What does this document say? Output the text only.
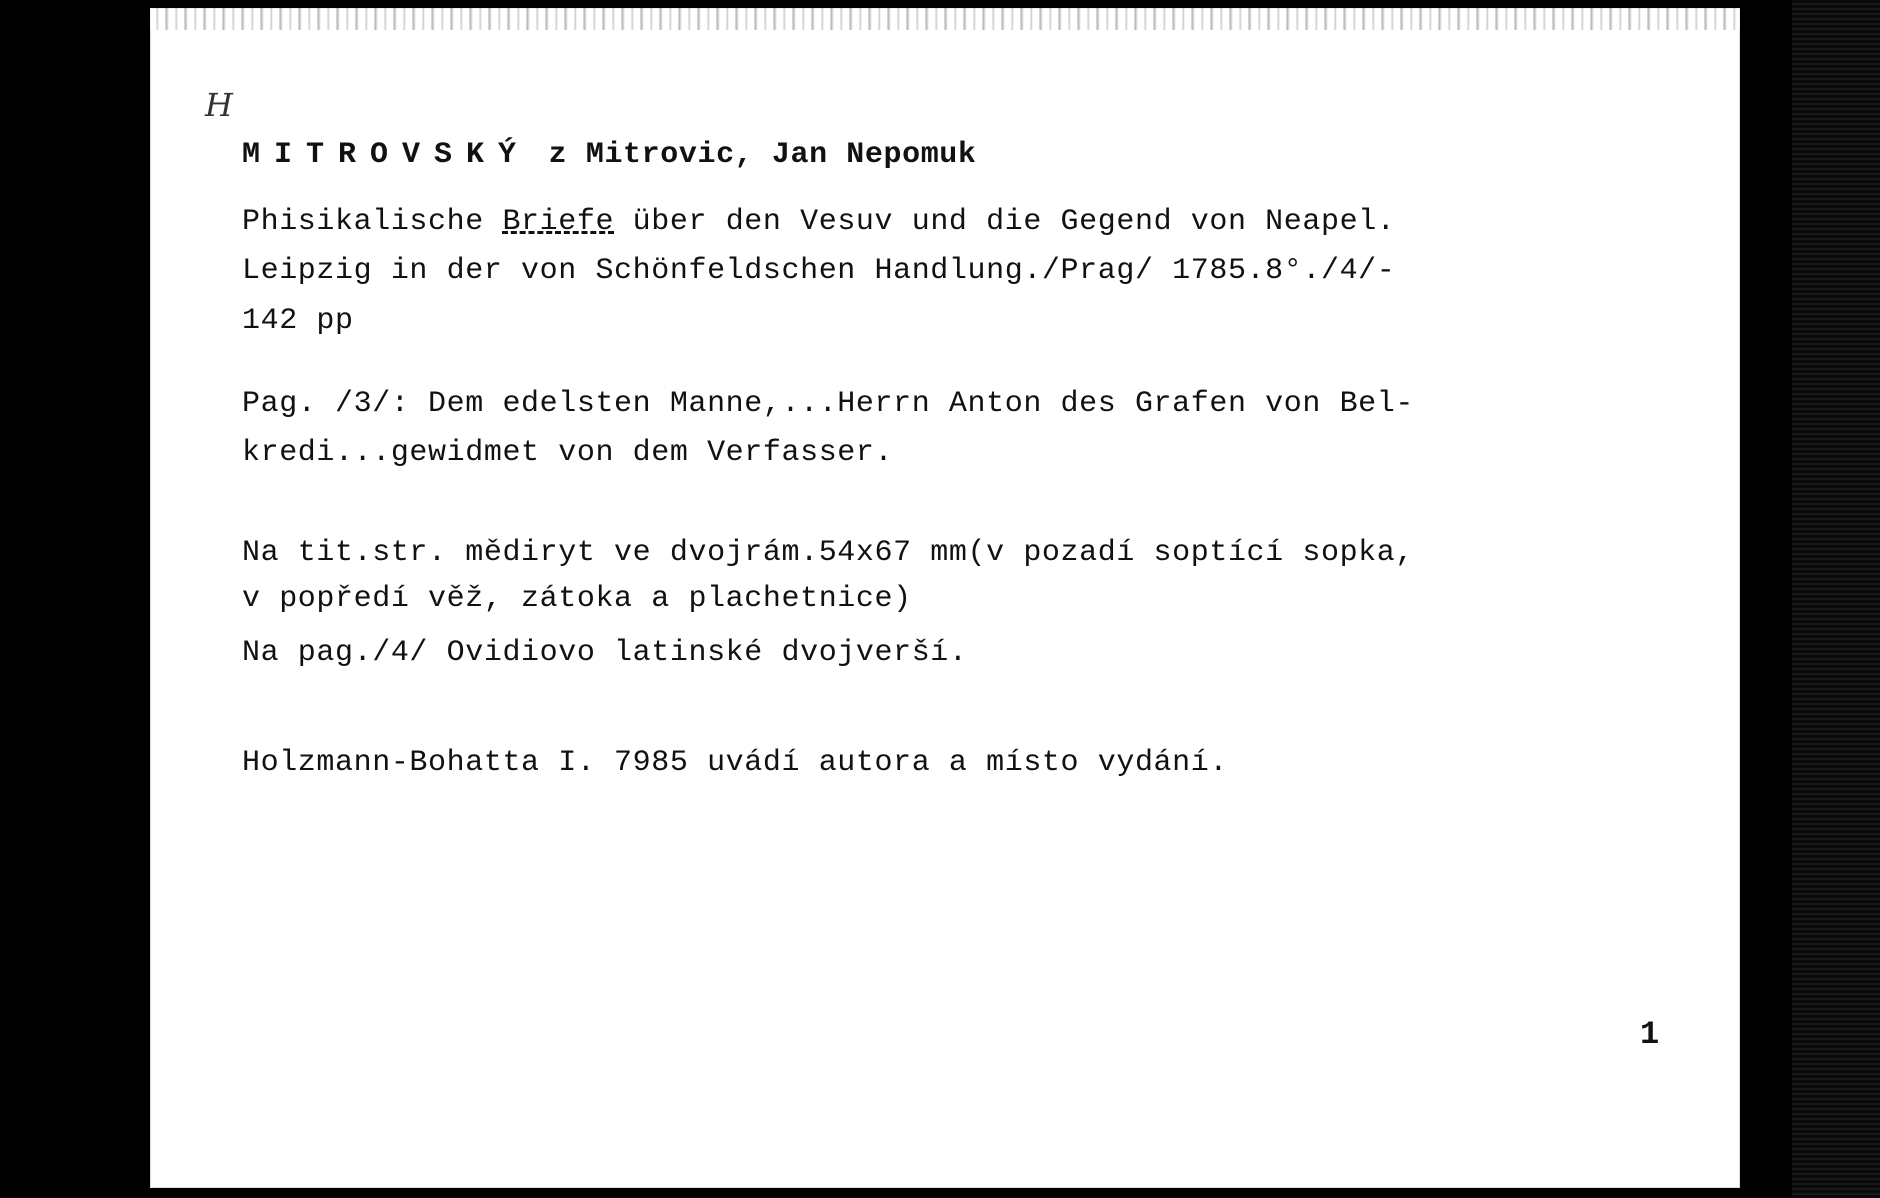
H
MITROVSKÝ z Mitrovic, Jan Nepomuk
Phisikalische Briefe über den Vesuv und die Gegend von Neapel.
Leipzig in der von Schönfeldschen Handlung./Prag/ 1785.8°./4/-
142 pp
Pag. /3/: Dem edelsten Manne,...Herrn Anton des Grafen von Bel-
kredi...gewidmet von dem Verfasser.
Na tit.str. mědiryt ve dvojrám.54x67 mm(v pozadí soptící sopka,
v popředí věž, zátoka a plachetnice)
Na pag./4/ Ovidiovo latinské dvojverší.
Holzmann-Bohatta I. 7985 uvádí autora a místo vydání.
1
